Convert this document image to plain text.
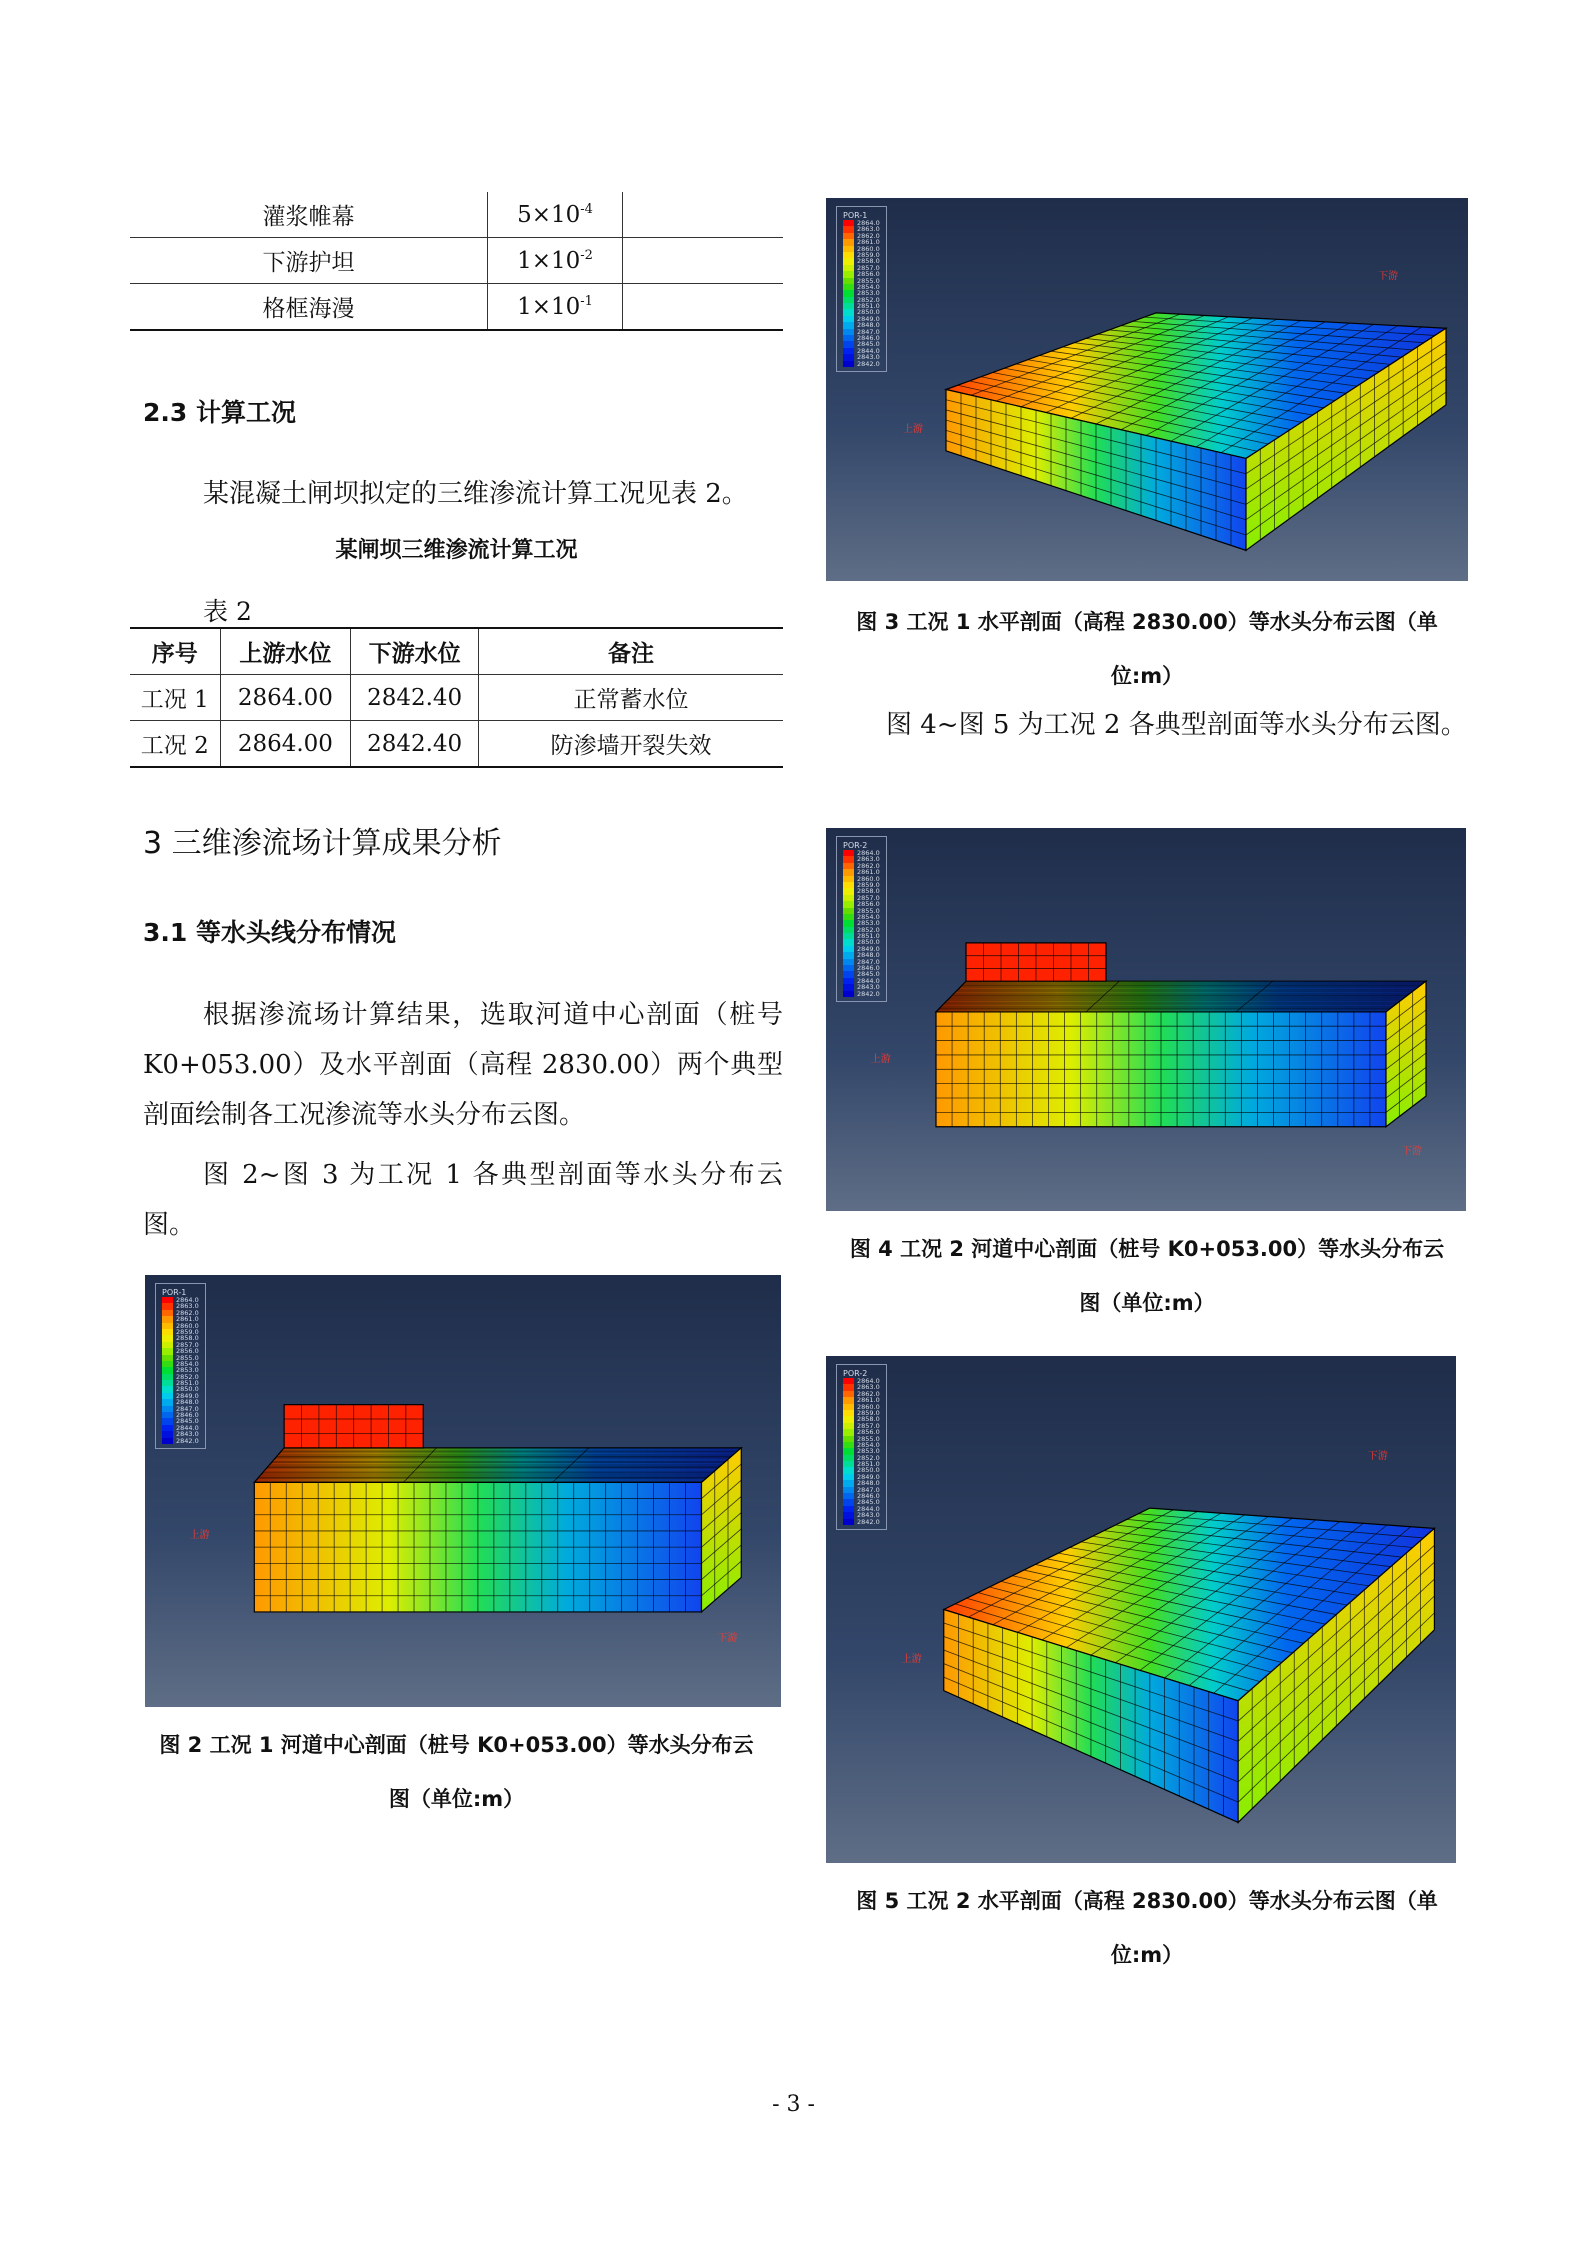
灌浆帷幕	$5\times 10^{-4}$	
下游护坦	$1\times 10^{-2}$	
格框海漫	$1\times 10^{-1}$	
2.3 计算工况
某混凝土闸坝拟定的三维渗流计算工况见表 2。
某闸坝三维渗流计算工况
表 2
序号	上游水位	下游水位	备注
工况 1	2864.00	2842.40	正常蓄水位
工况 2	2864.00	2842.40	防渗墙开裂失效
3 三维渗流场计算成果分析
3.1 等水头线分布情况
根据渗流场计算结果，选取河道中心剖面（桩号 K0+053.00）及水平剖面（高程 2830.00）两个典型剖面绘制各工况渗流等水头分布云图。
图 2~图 3 为工况 1 各典型剖面等水头分布云图。
POR-1
2864.0
2863.0
2862.0
2861.0
2860.0
2859.0
2858.0
2857.0
2856.0
2855.0
2854.0
2853.0
2852.0
2851.0
2850.0
2849.0
2848.0
2847.0
2846.0
2845.0
2844.0
2843.0
2842.0
上游
下游
图 2 工况 1 河道中心剖面（桩号 K0+053.00）等水头分布云
图（单位:m）
POR-1
2864.0
2863.0
2862.0
2861.0
2860.0
2859.0
2858.0
2857.0
2856.0
2855.0
2854.0
2853.0
2852.0
2851.0
2850.0
2849.0
2848.0
2847.0
2846.0
2845.0
2844.0
2843.0
2842.0
上游
下游
图 3 工况 1 水平剖面（高程 2830.00）等水头分布云图（单
位:m）
图 4~图 5 为工况 2 各典型剖面等水头分布云图。
POR-2
2864.0
2863.0
2862.0
2861.0
2860.0
2859.0
2858.0
2857.0
2856.0
2855.0
2854.0
2853.0
2852.0
2851.0
2850.0
2849.0
2848.0
2847.0
2846.0
2845.0
2844.0
2843.0
2842.0
上游
下游
图 4 工况 2 河道中心剖面（桩号 K0+053.00）等水头分布云
图（单位:m）
POR-2
2864.0
2863.0
2862.0
2861.0
2860.0
2859.0
2858.0
2857.0
2856.0
2855.0
2854.0
2853.0
2852.0
2851.0
2850.0
2849.0
2848.0
2847.0
2846.0
2845.0
2844.0
2843.0
2842.0
上游
下游
图 5 工况 2 水平剖面（高程 2830.00）等水头分布云图（单
位:m）
- 3 -
